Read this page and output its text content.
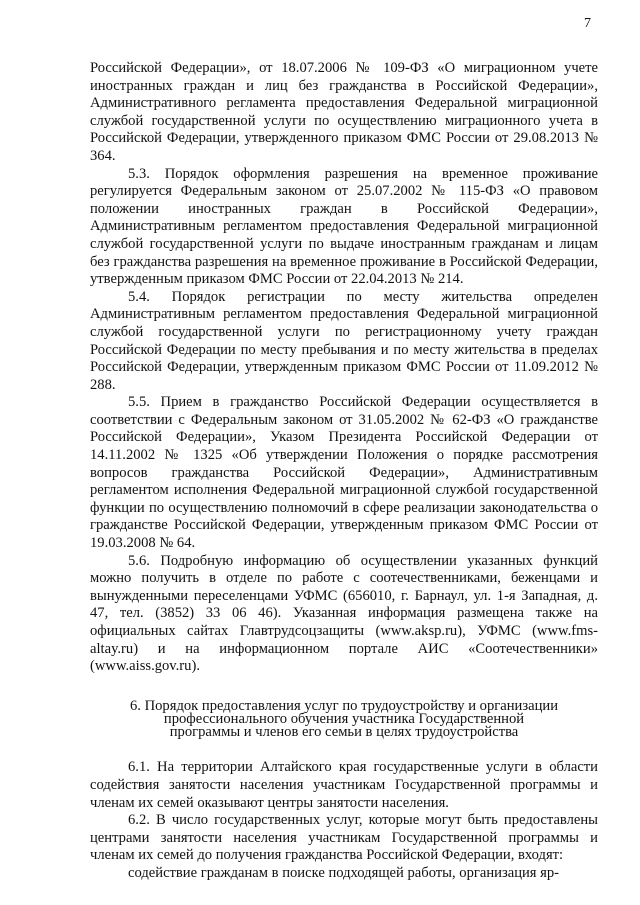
7

Российской Федерации», от 18.07.2006 № 109-ФЗ «О миграционном учете иностранных граждан и лиц без гражданства в Российской Федерации», Административного регламента предоставления Федеральной миграционной службой государственной услуги по осуществлению миграционного учета в Российской Федерации, утвержденного приказом ФМС России от 29.08.2013 № 364.

5.3. Порядок оформления разрешения на временное проживание регулируется Федеральным законом от 25.07.2002 № 115-ФЗ «О правовом положении иностранных граждан в Российской Федерации», Административным регламентом предоставления Федеральной миграционной службой государственной услуги по выдаче иностранным гражданам и лицам без гражданства разрешения на временное проживание в Российской Федерации, утвержденным приказом ФМС России от 22.04.2013 № 214.

5.4. Порядок регистрации по месту жительства определен Административным регламентом предоставления Федеральной миграционной службой государственной услуги по регистрационному учету граждан Российской Федерации по месту пребывания и по месту жительства в пределах Российской Федерации, утвержденным приказом ФМС России от 11.09.2012 № 288.

5.5. Прием в гражданство Российской Федерации осуществляется в соответствии с Федеральным законом от 31.05.2002 № 62-ФЗ «О гражданстве Российской Федерации», Указом Президента Российской Федерации от 14.11.2002 № 1325 «Об утверждении Положения о порядке рассмотрения вопросов гражданства Российской Федерации», Административным регламентом исполнения Федеральной миграционной службой государственной функции по осуществлению полномочий в сфере реализации законодательства о гражданстве Российской Федерации, утвержденным приказом ФМС России от 19.03.2008 № 64.

5.6. Подробную информацию об осуществлении указанных функций можно получить в отделе по работе с соотечественниками, беженцами и вынужденными переселенцами УФМС (656010, г. Барнаул, ул. 1-я Западная, д. 47, тел. (3852) 33 06 46). Указанная информация размещена также на официальных сайтах Главтрудсоцзащиты (www.aksp.ru), УФМС (www.fms-altay.ru) и на информационном портале АИС «Соотечественники» (www.aiss.gov.ru).

6. Порядок предоставления услуг по трудоустройству и организации профессионального обучения участника Государственной программы и членов его семьи в целях трудоустройства

6.1. На территории Алтайского края государственные услуги в области содействия занятости населения участникам Государственной программы и членам их семей оказывают центры занятости населения.

6.2. В число государственных услуг, которые могут быть предоставлены центрами занятости населения участникам Государственной программы и членам их семей до получения гражданства Российской Федерации, входят:

содействие гражданам в поиске подходящей работы, организация яр-
